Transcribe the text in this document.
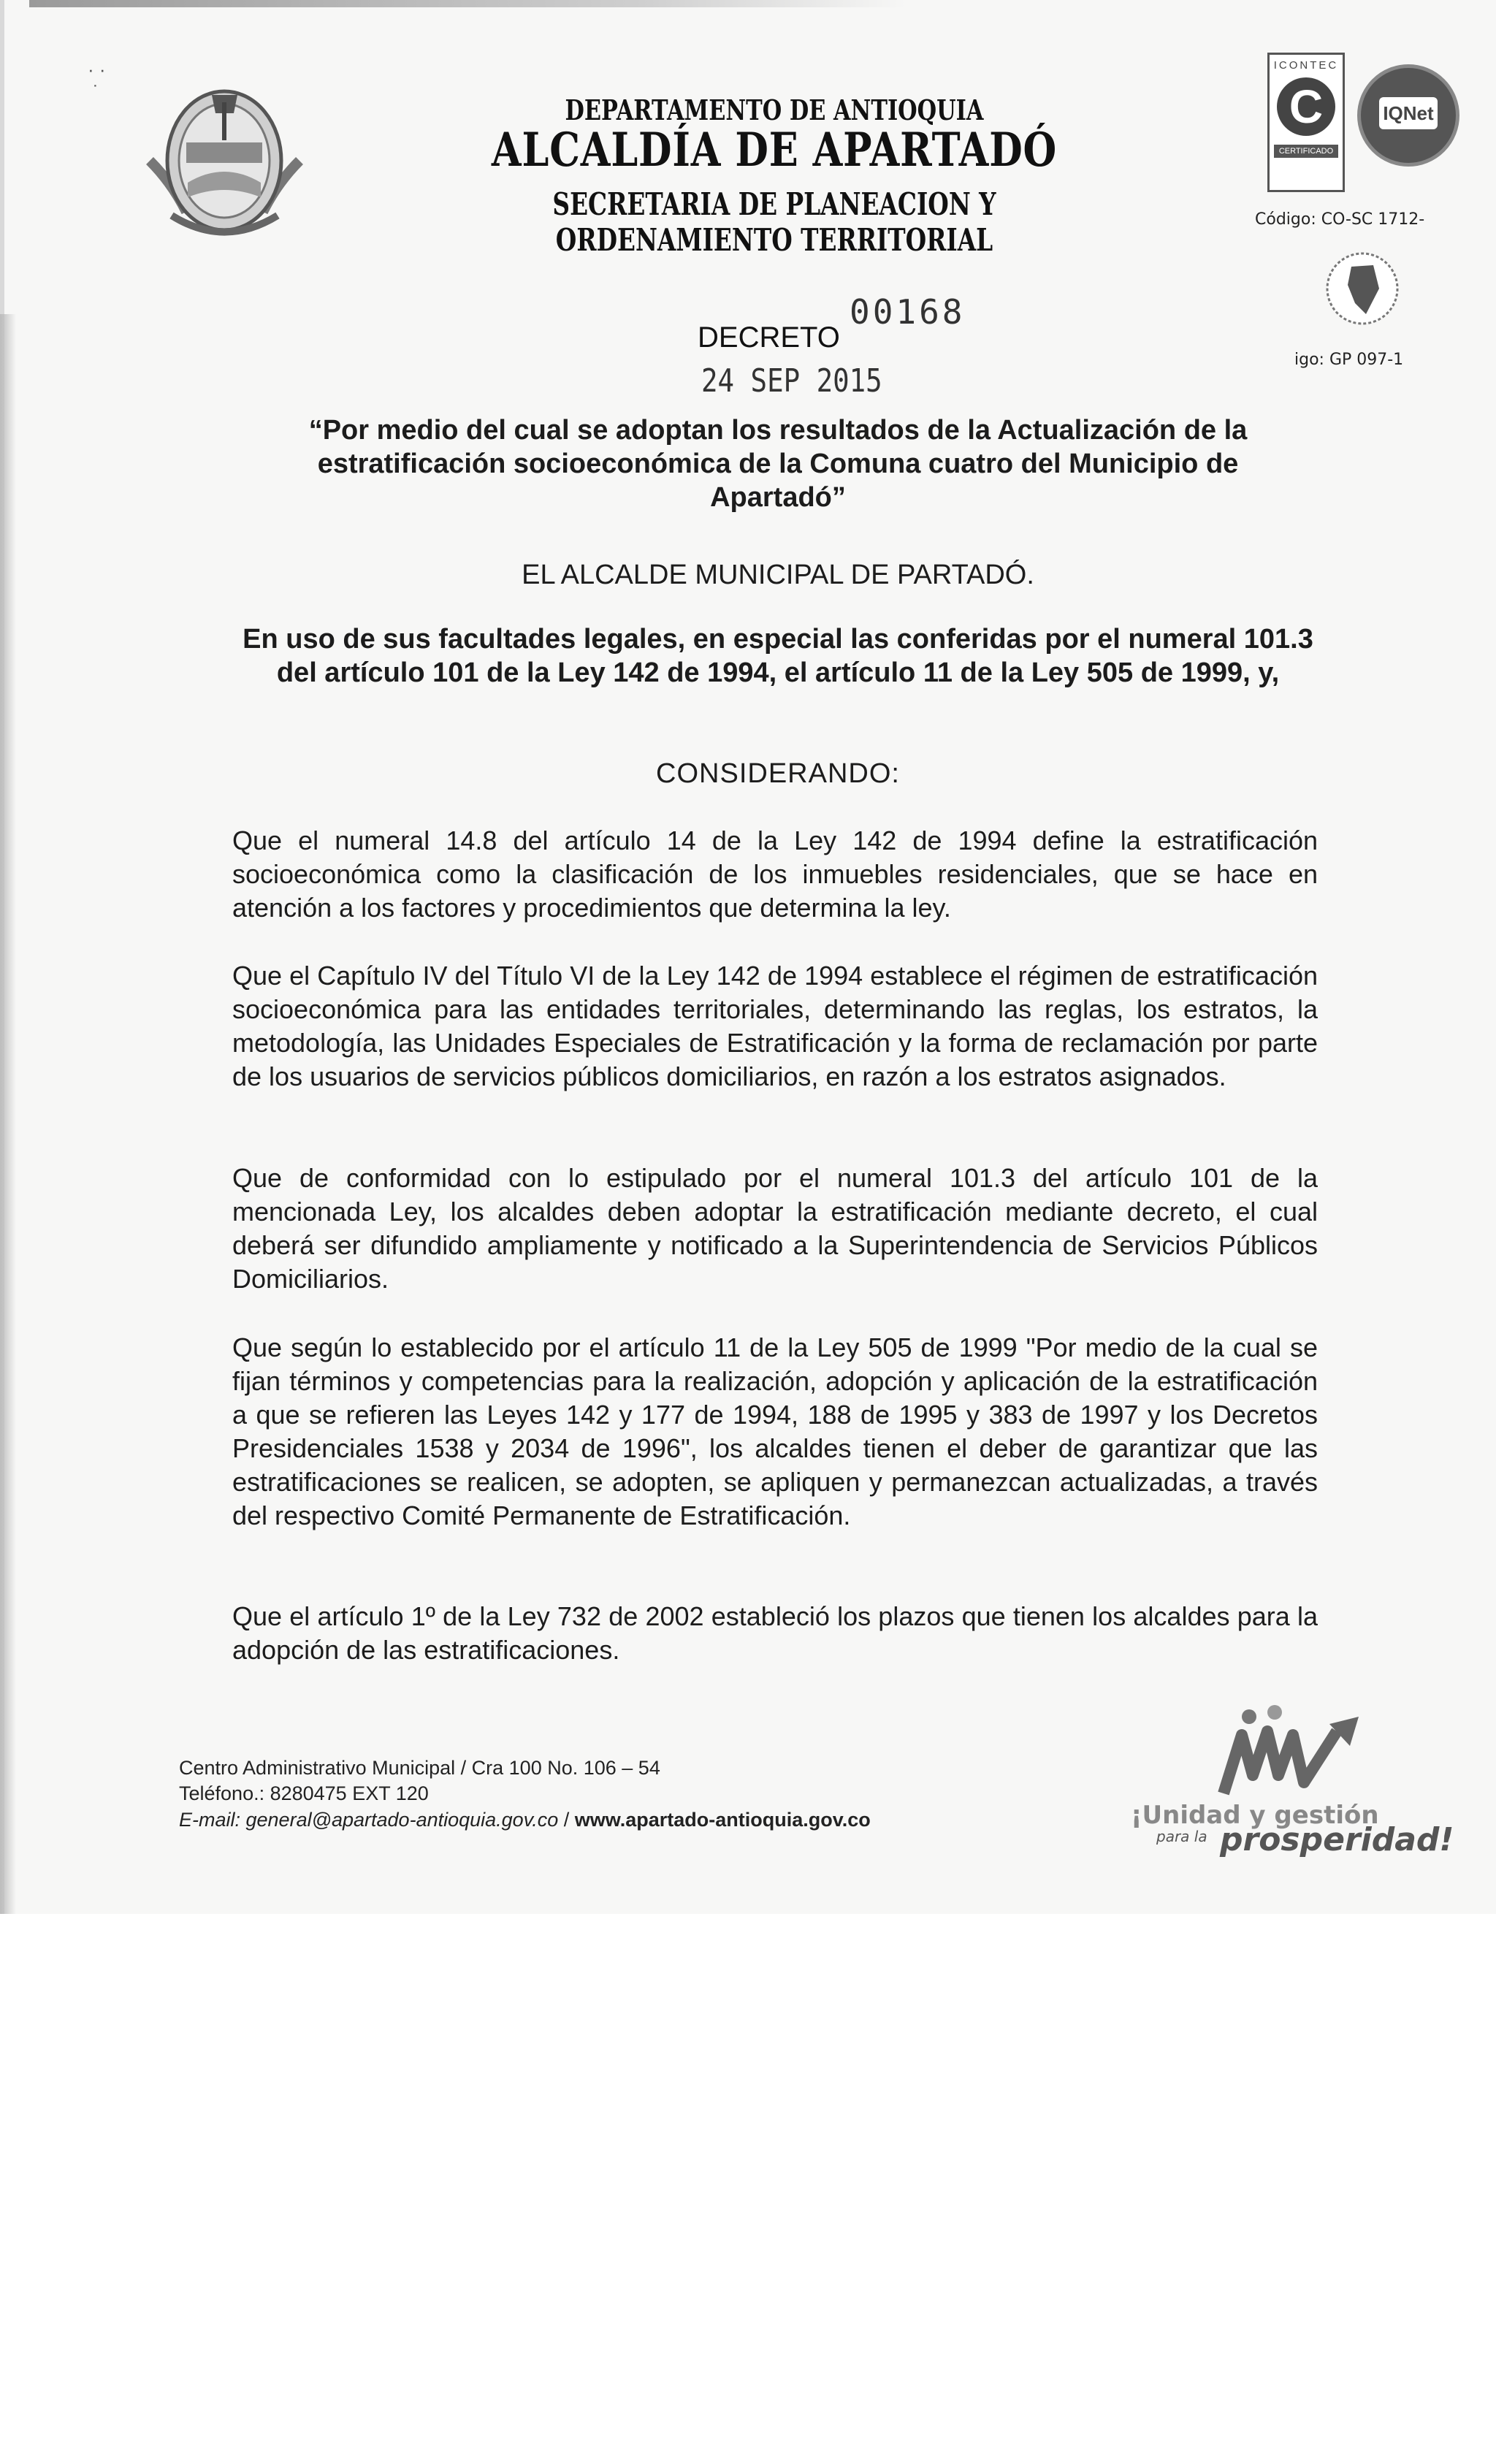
· ·
˙
DEPARTAMENTO DE ANTIOQUIA
ALCALDÍA DE APARTADÓ
SECRETARIA DE PLANEACION Y ORDENAMIENTO TERRITORIAL
ICONTEC
C
CERTIFICADO
IQNet
Código: CO-SC 1712-
igo: GP 097-1
DECRETO
00168
24 SEP 2015
“Por medio del cual se adoptan los resultados de la Actualización de la estratificación socioeconómica de la Comuna cuatro del Municipio de Apartadó”
EL ALCALDE MUNICIPAL DE PARTADÓ.
En uso de sus facultades legales, en especial las conferidas por el numeral 101.3 del artículo 101 de la Ley 142 de 1994, el artículo 11 de la Ley 505 de 1999, y,
CONSIDERANDO:
Que el numeral 14.8 del artículo 14 de la Ley 142 de 1994 define la estratificación socioeconómica como la clasificación de los inmuebles residenciales, que se hace en atención a los factores y procedimientos que determina la ley.
Que el Capítulo IV del Título VI de la Ley 142 de 1994 establece el régimen de estratificación socioeconómica para las entidades territoriales, determinando las reglas, los estratos, la metodología, las Unidades Especiales de Estratificación y la forma de reclamación por parte de los usuarios de servicios públicos domiciliarios, en razón a los estratos asignados.
Que de conformidad con lo estipulado por el numeral 101.3 del artículo 101 de la mencionada Ley, los alcaldes deben adoptar la estratificación mediante decreto, el cual deberá ser difundido ampliamente y notificado a la Superintendencia de Servicios Públicos Domiciliarios.
Que según lo establecido por el artículo 11 de la Ley 505 de 1999 "Por medio de la cual se fijan términos y competencias para la realización, adopción y aplicación de la estratificación a que se refieren las Leyes 142 y 177 de 1994, 188 de 1995 y 383 de 1997 y los Decretos Presidenciales 1538 y 2034 de 1996", los alcaldes tienen el deber de garantizar que las estratificaciones se realicen, se adopten, se apliquen y permanezcan actualizadas, a través del respectivo Comité Permanente de Estratificación.
Que el artículo 1º de la Ley 732 de 2002 estableció los plazos que tienen los alcaldes para la adopción de las estratificaciones.
Centro Administrativo Municipal / Cra 100 No. 106 – 54
Teléfono.: 8280475 EXT 120
E-mail: general@apartado-antioquia.gov.co / www.apartado-antioquia.gov.co	¡Unidad y gestión
para la prosperidad!
